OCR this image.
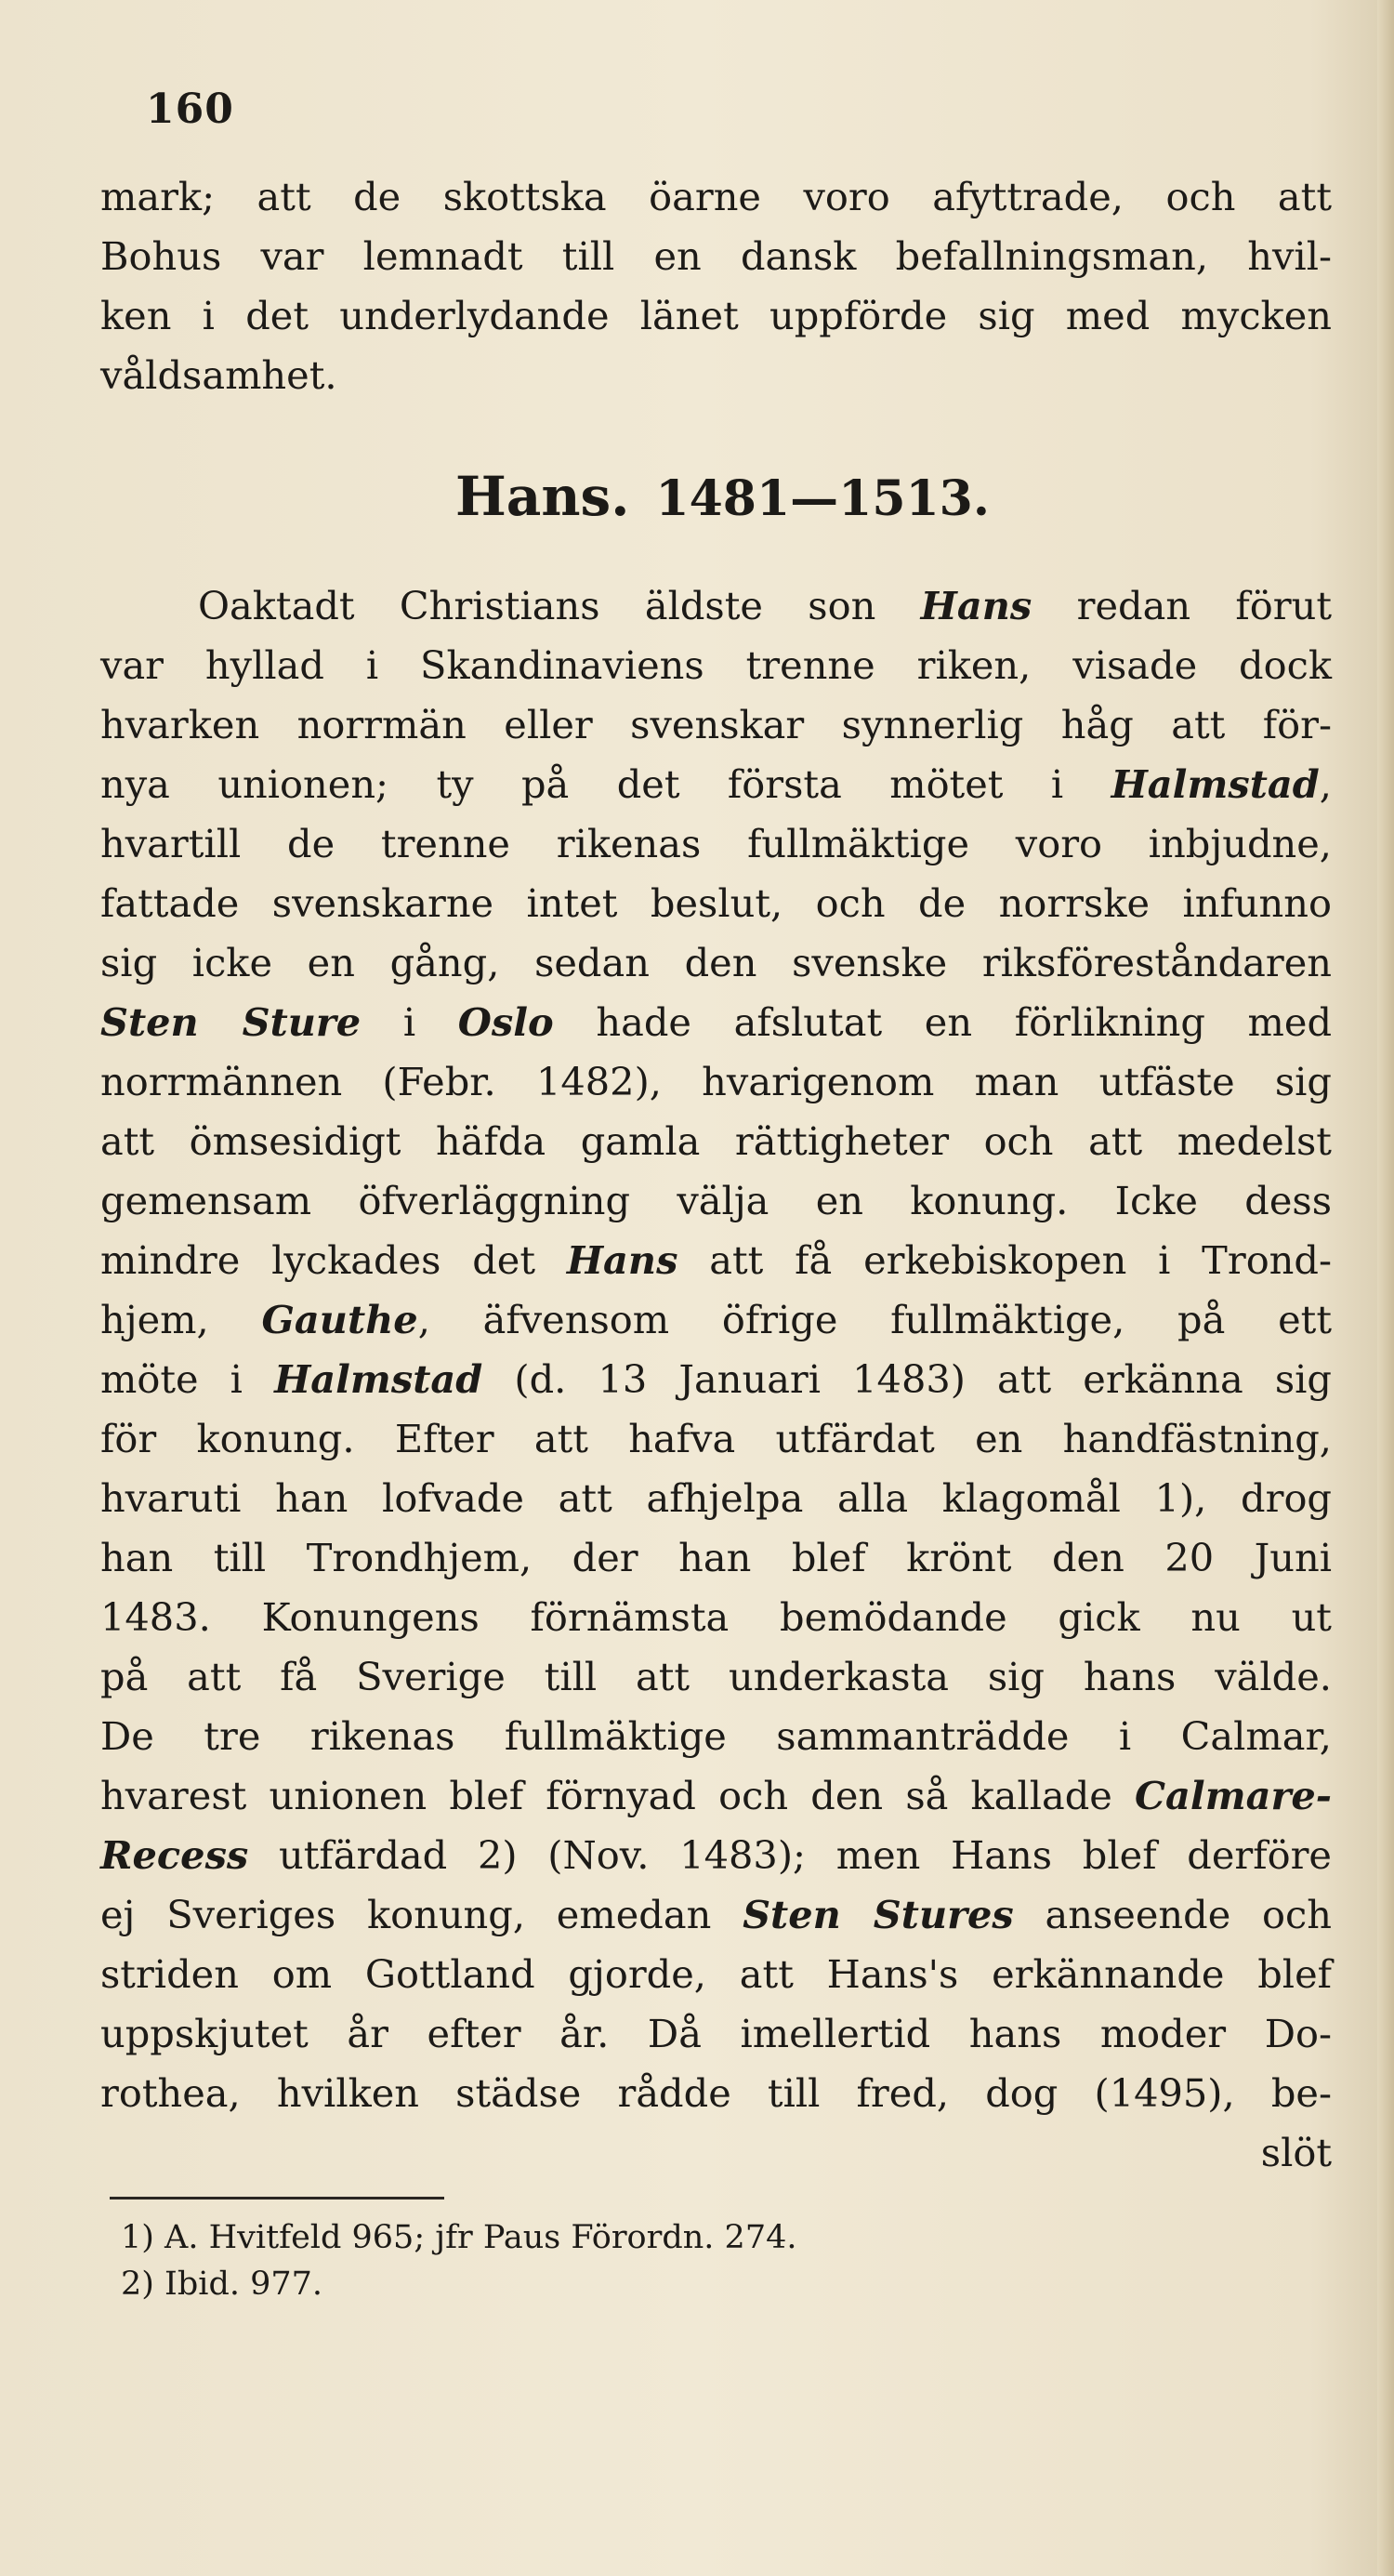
160
mark; att de skottska öarne voro afyttrade, och att
Bohus var lemnadt till en dansk befallningsman, hvil-
ken i det underlydande länet uppförde sig med mycken
våldsamhet.
Hans. 1481—1513.
Oaktadt Christians äldste son Hans redan förut
var hyllad i Skandinaviens trenne riken, visade dock
hvarken norrmän eller svenskar synnerlig håg att för-
nya unionen; ty på det första mötet i Halmstad,
hvartill de trenne rikenas fullmäktige voro inbjudne,
fattade svenskarne intet beslut, och de norrske infunno
sig icke en gång, sedan den svenske riksföreståndaren
Sten Sture i Oslo hade afslutat en förlikning med
norrmännen (Febr. 1482), hvarigenom man utfäste sig
att ömsesidigt häfda gamla rättigheter och att medelst
gemensam öfverläggning välja en konung. Icke dess
mindre lyckades det Hans att få erkebiskopen i Trond-
hjem, Gauthe, äfvensom öfrige fullmäktige, på ett
möte i Halmstad (d. 13 Januari 1483) att erkänna sig
för konung. Efter att hafva utfärdat en handfästning,
hvaruti han lofvade att afhjelpa alla klagomål 1), drog
han till Trondhjem, der han blef krönt den 20 Juni
1483. Konungens förnämsta bemödande gick nu ut
på att få Sverige till att underkasta sig hans välde.
De tre rikenas fullmäktige sammanträdde i Calmar,
hvarest unionen blef förnyad och den så kallade Calmare-
Recess utfärdad 2) (Nov. 1483); men Hans blef derföre
ej Sveriges konung, emedan Sten Stures anseende och
striden om Gottland gjorde, att Hans's erkännande blef
uppskjutet år efter år. Då imellertid hans moder Do-
rothea, hvilken städse rådde till fred, dog (1495), be-
slöt
1) A. Hvitfeld 965; jfr Paus Förordn. 274.
2) Ibid. 977.
